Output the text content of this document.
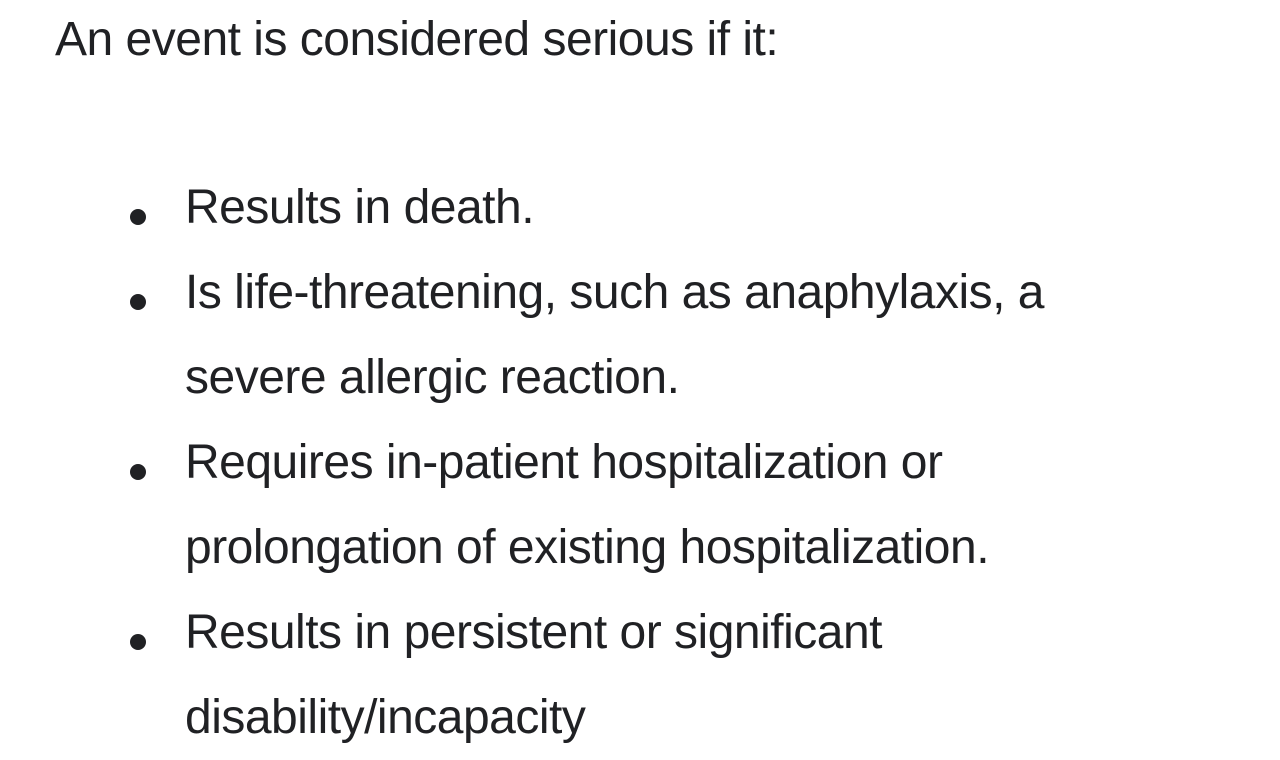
An event is considered serious if it:
Results in death.
Is life-threatening, such as anaphylaxis, a
severe allergic reaction.
Requires in-patient hospitalization or
prolongation of existing hospitalization.
Results in persistent or significant
disability/incapacity
